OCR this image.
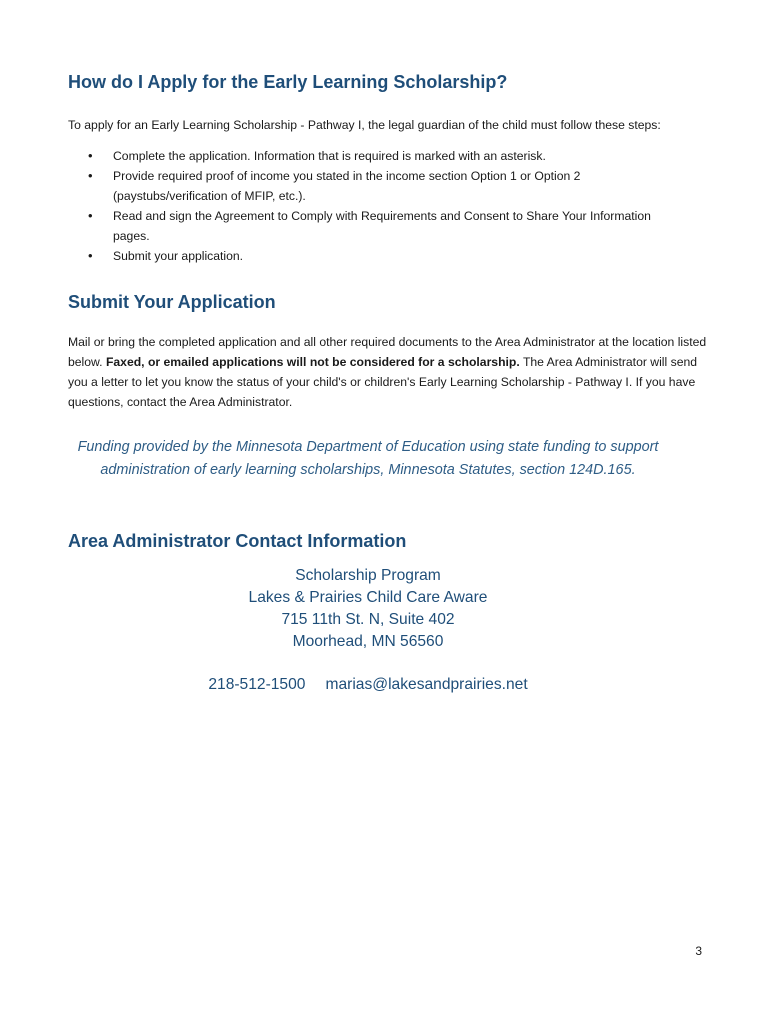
How do I Apply for the Early Learning Scholarship?

To apply for an Early Learning Scholarship - Pathway I, the legal guardian of the child must follow these steps:

• Complete the application. Information that is required is marked with an asterisk.
• Provide required proof of income you stated in the income section Option 1 or Option 2 (paystubs/verification of MFIP, etc.).
• Read and sign the Agreement to Comply with Requirements and Consent to Share Your Information pages.
• Submit your application.
Submit Your Application

Mail or bring the completed application and all other required documents to the Area Administrator at the location listed below. Faxed, or emailed applications will not be considered for a scholarship. The Area Administrator will send you a letter to let you know the status of your child's or children's Early Learning Scholarship - Pathway I. If you have questions, contact the Area Administrator.

Funding provided by the Minnesota Department of Education using state funding to support administration of early learning scholarships, Minnesota Statutes, section 124D.165.

Area Administrator Contact Information
Scholarship Program
Lakes & Prairies Child Care Aware
715 11th St. N, Suite 402
Moorhead, MN 56560
218-512-1500 marias@lakesandprairies.net
3
